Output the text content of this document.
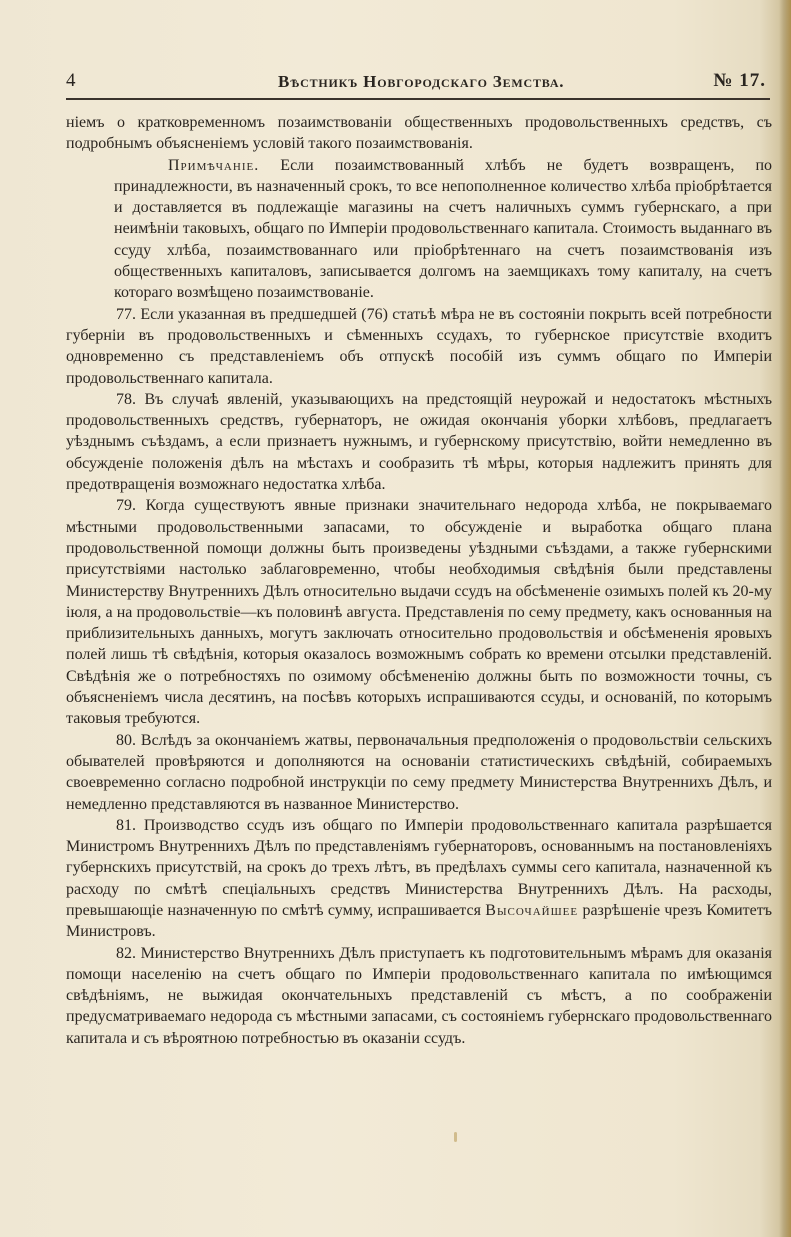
4	Вѣстникъ Новгородскаго Земства.	№ 17.

ніемъ о кратковременномъ позаимствованіи общественныхъ продовольственныхъ средствъ, съ подробнымъ объясненіемъ условій такого позаимствованія.

Примѣчаніе. Если позаимствованный хлѣбъ не будетъ возвращенъ, по принадлежности, въ назначенный срокъ, то все непополненное количество хлѣба пріобрѣтается и доставляется въ подлежащіе магазины на счетъ наличныхъ суммъ губернскаго, а при неимѣніи таковыхъ, общаго по Имперіи продовольственнаго капитала. Стоимость выданнаго въ ссуду хлѣба, позаимствованнаго или пріобрѣтеннаго на счетъ позаимствованія изъ общественныхъ капиталовъ, записывается долгомъ на заемщикахъ тому капиталу, на счетъ котораго возмѣщено позаимствованіе.

77. Если указанная въ предшедшей (76) статьѣ мѣра не въ состояніи покрыть всей потребности губерніи въ продовольственныхъ и сѣменныхъ ссудахъ, то губернское присутствіе входитъ одновременно съ представленіемъ объ отпускѣ пособій изъ суммъ общаго по Имперіи продовольственнаго капитала.

78. Въ случаѣ явленій, указывающихъ на предстоящій неурожай и недостатокъ мѣстныхъ продовольственныхъ средствъ, губернаторъ, не ожидая окончанія уборки хлѣбовъ, предлагаетъ уѣзднымъ съѣздамъ, а если признаетъ нужнымъ, и губернскому присутствію, войти немедленно въ обсужденіе положенія дѣлъ на мѣстахъ и сообразить тѣ мѣры, которыя надлежитъ принять для предотвращенія возможнаго недостатка хлѣба.

79. Когда существуютъ явные признаки значительнаго недорода хлѣба, не покрываемаго мѣстными продовольственными запасами, то обсужденіе и выработка общаго плана продовольственной помощи должны быть произведены уѣздными съѣздами, а также губернскими присутствіями настолько заблаговременно, чтобы необходимыя свѣдѣнія были представлены Министерству Внутреннихъ Дѣлъ относительно выдачи ссудъ на обсѣмененіе озимыхъ полей къ 20-му іюля, а на продовольствіе—къ половинѣ августа. Представленія по сему предмету, какъ основанныя на приблизительныхъ данныхъ, могутъ заключать относительно продовольствія и обсѣмененія яровыхъ полей лишь тѣ свѣдѣнія, которыя оказалось возможнымъ собрать ко времени отсылки представленій. Свѣдѣнія же о потребностяхъ по озимому обсѣмененію должны быть по возможности точны, съ объясненіемъ числа десятинъ, на посѣвъ которыхъ испрашиваются ссуды, и основаній, по которымъ таковыя требуются.

80. Вслѣдъ за окончаніемъ жатвы, первоначальныя предположенія о продовольствіи сельскихъ обывателей провѣряются и дополняются на основаніи статистическихъ свѣдѣній, собираемыхъ своевременно согласно подробной инструкціи по сему предмету Министерства Внутреннихъ Дѣлъ, и немедленно представляются въ названное Министерство.

81. Производство ссудъ изъ общаго по Имперіи продовольственнаго капитала разрѣшается Министромъ Внутреннихъ Дѣлъ по представленіямъ губернаторовъ, основаннымъ на постановленіяхъ губернскихъ присутствій, на срокъ до трехъ лѣтъ, въ предѣлахъ суммы сего капитала, назначенной къ расходу по смѣтѣ спеціальныхъ средствъ Министерства Внутреннихъ Дѣлъ. На расходы, превышающіе назначенную по смѣтѣ сумму, испрашивается Высочайшее разрѣшеніе чрезъ Комитетъ Министровъ.

82. Министерство Внутреннихъ Дѣлъ приступаетъ къ подготовительнымъ мѣрамъ для оказанія помощи населенію на счетъ общаго по Имперіи продовольственнаго капитала по имѣющимся свѣдѣніямъ, не выжидая окончательныхъ представленій съ мѣстъ, а по соображеніи предусматриваемаго недорода съ мѣстными запасами, съ состояніемъ губернскаго продовольственнаго капитала и съ вѣроятною потребностью въ оказаніи ссудъ.
